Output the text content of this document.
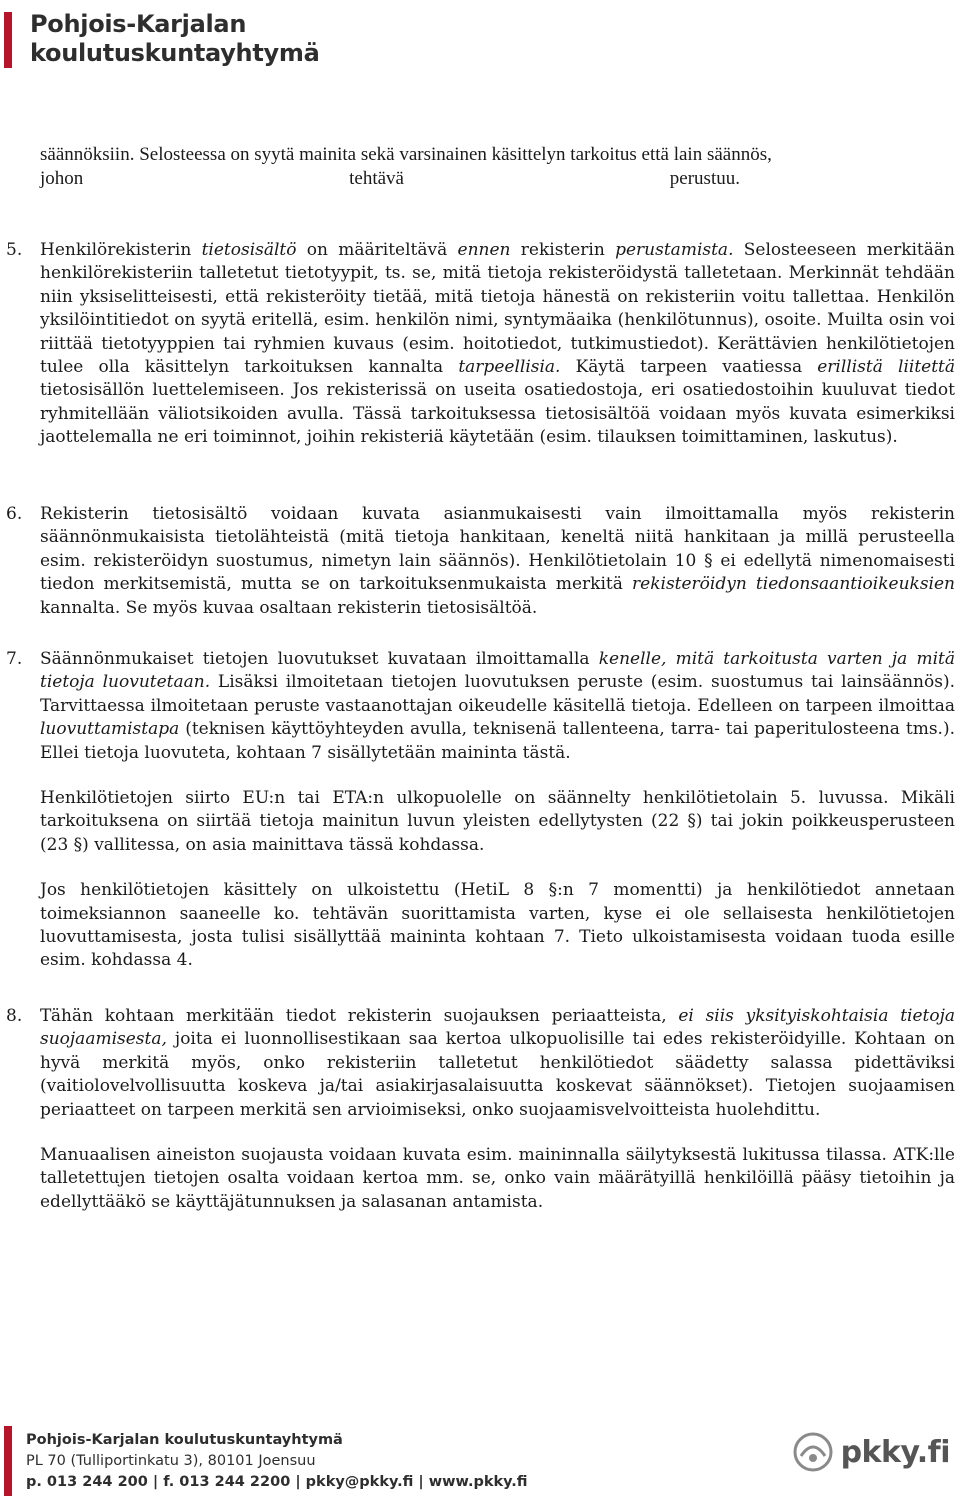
Pohjois-Karjalan
koulutuskuntayhtymä
säännöksiin. Selosteessa on syytä mainita sekä varsinainen käsittelyn tarkoitus että lain säännös,
johon	tehtävä	perustuu.
5. Henkilörekisterin tietosisältö on määriteltävä ennen rekisterin perustamista. Selosteeseen merkitään henkilörekisteriin talletetut tietotyypit, ts. se, mitä tietoja rekisteröidystä talletetaan. Merkinnät tehdään niin yksiselitteisesti, että rekisteröity tietää, mitä tietoja hänestä on rekisteriin voitu tallettaa. Henkilön yksilöintitiedot on syytä eritellä, esim. henkilön nimi, syntymäaika (henkilötunnus), osoite. Muilta osin voi riittää tietotyyppien tai ryhmien kuvaus (esim. hoitotiedot, tutkimustiedot). Kerättävien henkilötietojen tulee olla käsittelyn tarkoituksen kannalta tarpeellisia. Käytä tarpeen vaatiessa erillistä liitettä tietosisällön luettelemiseen. Jos rekisterissä on useita osatiedostoja, eri osatiedostoihin kuuluvat tiedot ryhmitellään väliotsikoiden avulla. Tässä tarkoituksessa tietosisältöä voidaan myös kuvata esimerkiksi jaottelemalla ne eri toiminnot, joihin rekisteriä käytetään (esim. tilauksen toimittaminen, laskutus).

6. Rekisterin tietosisältö voidaan kuvata asianmukaisesti vain ilmoittamalla myös rekisterin säännönmukaisista tietolähteistä (mitä tietoja hankitaan, keneltä niitä hankitaan ja millä perusteella esim. rekisteröidyn suostumus, nimetyn lain säännös). Henkilötietolain 10 § ei edellytä nimenomaisesti tiedon merkitsemistä, mutta se on tarkoituksenmukaista merkitä rekisteröidyn tiedonsaantioikeuksien kannalta. Se myös kuvaa osaltaan rekisterin tietosisältöä.

7. Säännönmukaiset tietojen luovutukset kuvataan ilmoittamalla kenelle, mitä tarkoitusta varten ja mitä tietoja luovutetaan. Lisäksi ilmoitetaan tietojen luovutuksen peruste (esim. suostumus tai lainsäännös). Tarvittaessa ilmoitetaan peruste vastaanottajan oikeudelle käsitellä tietoja. Edelleen on tarpeen ilmoittaa luovuttamistapa (teknisen käyttöyhteyden avulla, teknisenä tallenteena, tarra- tai paperitulosteena tms.). Ellei tietoja luovuteta, kohtaan 7 sisällytetään maininta tästä.

Henkilötietojen siirto EU:n tai ETA:n ulkopuolelle on säännelty henkilötietolain 5. luvussa. Mikäli tarkoituksena on siirtää tietoja mainitun luvun yleisten edellytysten (22 §) tai jokin poikkeusperusteen (23 §) vallitessa, on asia mainittava tässä kohdassa.

Jos henkilötietojen käsittely on ulkoistettu (HetiL 8 §:n 7 momentti) ja henkilötiedot annetaan toimeksiannon saaneelle ko. tehtävän suorittamista varten, kyse ei ole sellaisesta henkilötietojen luovuttamisesta, josta tulisi sisällyttää maininta kohtaan 7. Tieto ulkoistamisesta voidaan tuoda esille esim. kohdassa 4.

8. Tähän kohtaan merkitään tiedot rekisterin suojauksen periaatteista, ei siis yksityiskohtaisia tietoja suojaamisesta, joita ei luonnollisestikaan saa kertoa ulkopuolisille tai edes rekisteröidyille. Kohtaan on hyvä merkitä myös, onko rekisteriin talletetut henkilötiedot säädetty salassa pidettäviksi (vaitiolovelvollisuutta koskeva ja/tai asiakirjasalaisuutta koskevat säännökset). Tietojen suojaamisen periaatteet on tarpeen merkitä sen arvioimiseksi, onko suojaamisvelvoitteista huolehdittu.

Manuaalisen aineiston suojausta voidaan kuvata esim. maininnalla säilytyksestä lukitussa tilassa. ATK:lle talletettujen tietojen osalta voidaan kertoa mm. se, onko vain määrätyillä henkilöillä pääsy tietoihin ja edellyttääkö se käyttäjätunnuksen ja salasanan antamista.

Pohjois-Karjalan koulutuskuntayhtymä
PL 70 (Tulliportinkatu 3), 80101 Joensuu
p. 013 244 200 | f. 013 244 2200 | pkky@pkky.fi | www.pkky.fi
pkky.fi
